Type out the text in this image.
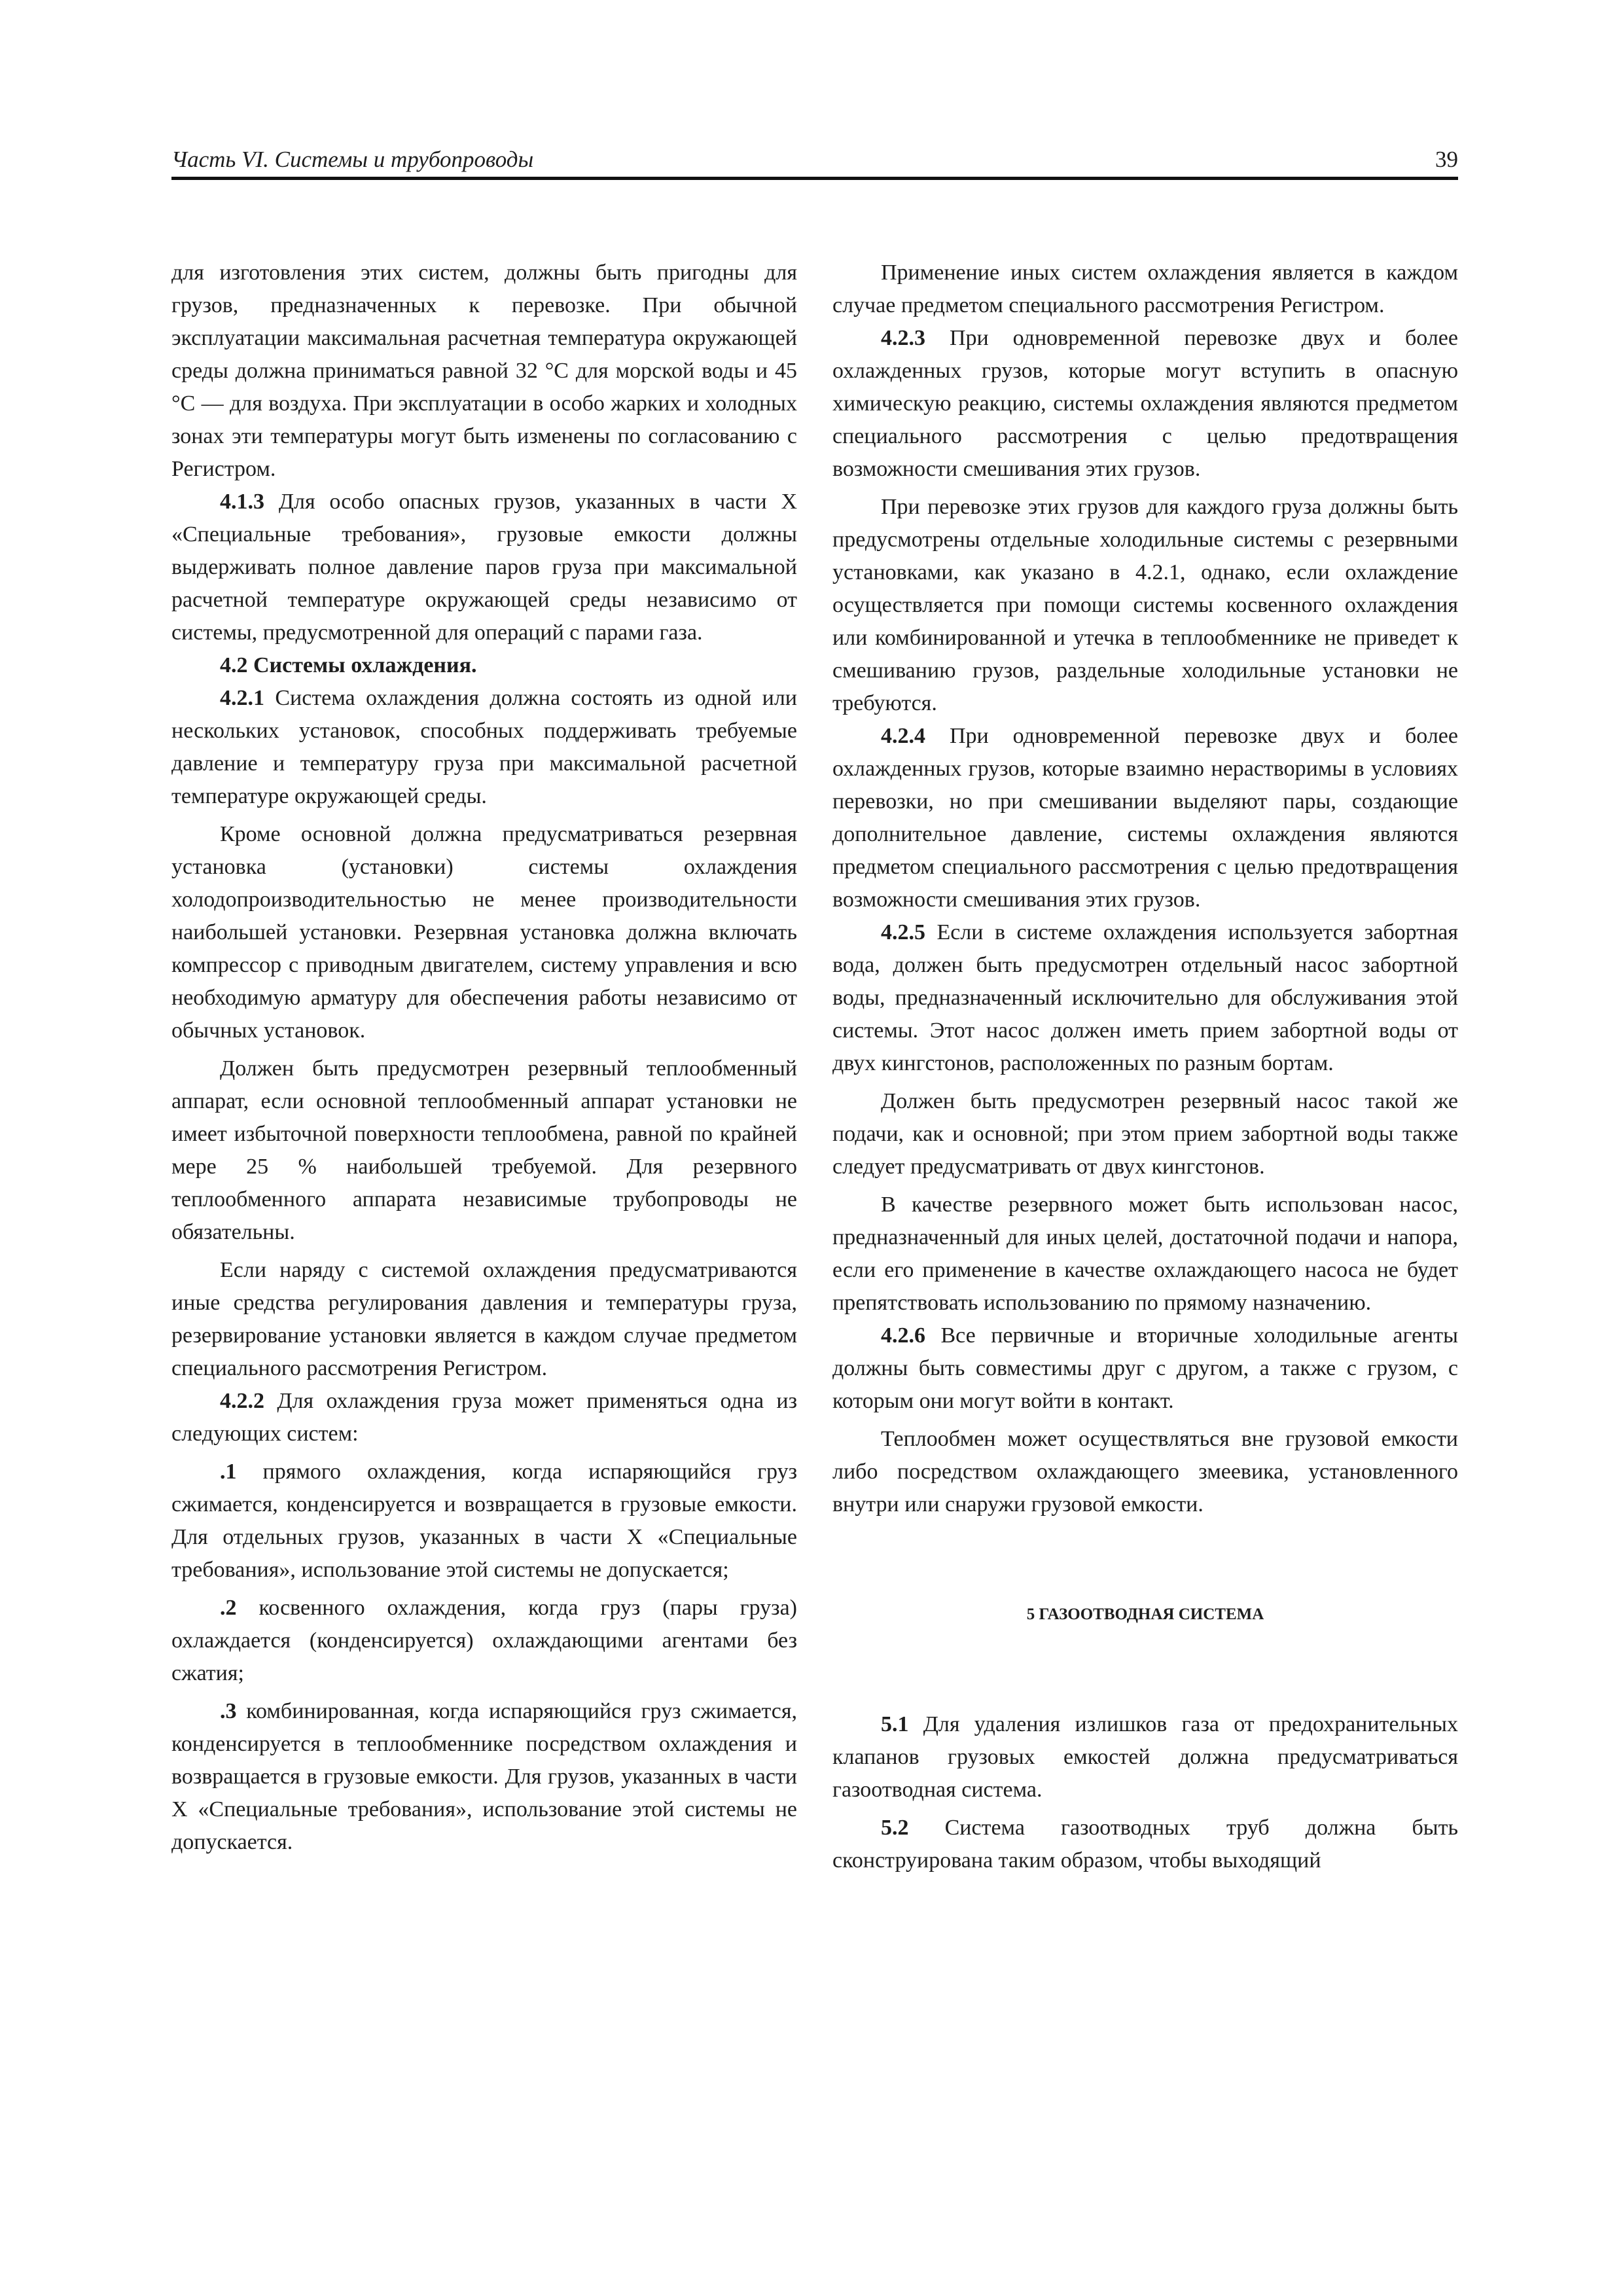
Часть VI. Системы и трубопроводы	39

для изготовления этих систем, должны быть пригодны для грузов, предназначенных к перевозке. При обычной эксплуатации максимальная расчетная температура окружающей среды должна приниматься равной 32 °C для морской воды и 45 °C — для воздуха. При эксплуатации в особо жарких и холодных зонах эти температуры могут быть изменены по согласованию с Регистром.

4.1.3 Для особо опасных грузов, указанных в части X «Специальные требования», грузовые емкости должны выдерживать полное давление паров груза при максимальной расчетной температуре окружающей среды независимо от системы, предусмотренной для операций с парами газа.

4.2 Системы охлаждения.

4.2.1 Система охлаждения должна состоять из одной или нескольких установок, способных поддерживать требуемые давление и температуру груза при максимальной расчетной температуре окружающей среды.

Кроме основной должна предусматриваться резервная установка (установки) системы охлаждения холодопроизводительностью не менее производительности наибольшей установки. Резервная установка должна включать компрессор с приводным двигателем, систему управления и всю необходимую арматуру для обеспечения работы независимо от обычных установок.

Должен быть предусмотрен резервный теплообменный аппарат, если основной теплообменный аппарат установки не имеет избыточной поверхности теплообмена, равной по крайней мере 25 % наибольшей требуемой. Для резервного теплообменного аппарата независимые трубопроводы не обязательны.

Если наряду с системой охлаждения предусматриваются иные средства регулирования давления и температуры груза, резервирование установки является в каждом случае предметом специального рассмотрения Регистром.

4.2.2 Для охлаждения груза может применяться одна из следующих систем:

.1 прямого охлаждения, когда испаряющийся груз сжимается, конденсируется и возвращается в грузовые емкости. Для отдельных грузов, указанных в части X «Специальные требования», использование этой системы не допускается;

.2 косвенного охлаждения, когда груз (пары груза) охлаждается (конденсируется) охлаждающими агентами без сжатия;

.3 комбинированная, когда испаряющийся груз сжимается, конденсируется в теплообменнике посредством охлаждения и возвращается в грузовые емкости. Для грузов, указанных в части X «Специальные требования», использование этой системы не допускается.

Применение иных систем охлаждения является в каждом случае предметом специального рассмотрения Регистром.

4.2.3 При одновременной перевозке двух и более охлажденных грузов, которые могут вступить в опасную химическую реакцию, системы охлаждения являются предметом специального рассмотрения с целью предотвращения возможности смешивания этих грузов.

При перевозке этих грузов для каждого груза должны быть предусмотрены отдельные холодильные системы с резервными установками, как указано в 4.2.1, однако, если охлаждение осуществляется при помощи системы косвенного охлаждения или комбинированной и утечка в теплообменнике не приведет к смешиванию грузов, раздельные холодильные установки не требуются.

4.2.4 При одновременной перевозке двух и более охлажденных грузов, которые взаимно нерастворимы в условиях перевозки, но при смешивании выделяют пары, создающие дополнительное давление, системы охлаждения являются предметом специального рассмотрения с целью предотвращения возможности смешивания этих грузов.

4.2.5 Если в системе охлаждения используется забортная вода, должен быть предусмотрен отдельный насос забортной воды, предназначенный исключительно для обслуживания этой системы. Этот насос должен иметь прием забортной воды от двух кингстонов, расположенных по разным бортам.

Должен быть предусмотрен резервный насос такой же подачи, как и основной; при этом прием забортной воды также следует предусматривать от двух кингстонов.

В качестве резервного может быть использован насос, предназначенный для иных целей, достаточной подачи и напора, если его применение в качестве охлаждающего насоса не будет препятствовать использованию по прямому назначению.

4.2.6 Все первичные и вторичные холодильные агенты должны быть совместимы друг с другом, а также с грузом, с которым они могут войти в контакт.

Теплообмен может осуществляться вне грузовой емкости либо посредством охлаждающего змеевика, установленного внутри или снаружи грузовой емкости.

5 ГАЗООТВОДНАЯ СИСТЕМА

5.1 Для удаления излишков газа от предохранительных клапанов грузовых емкостей должна предусматриваться газоотводная система.

5.2 Система газоотводных труб должна быть сконструирована таким образом, чтобы выходящий
